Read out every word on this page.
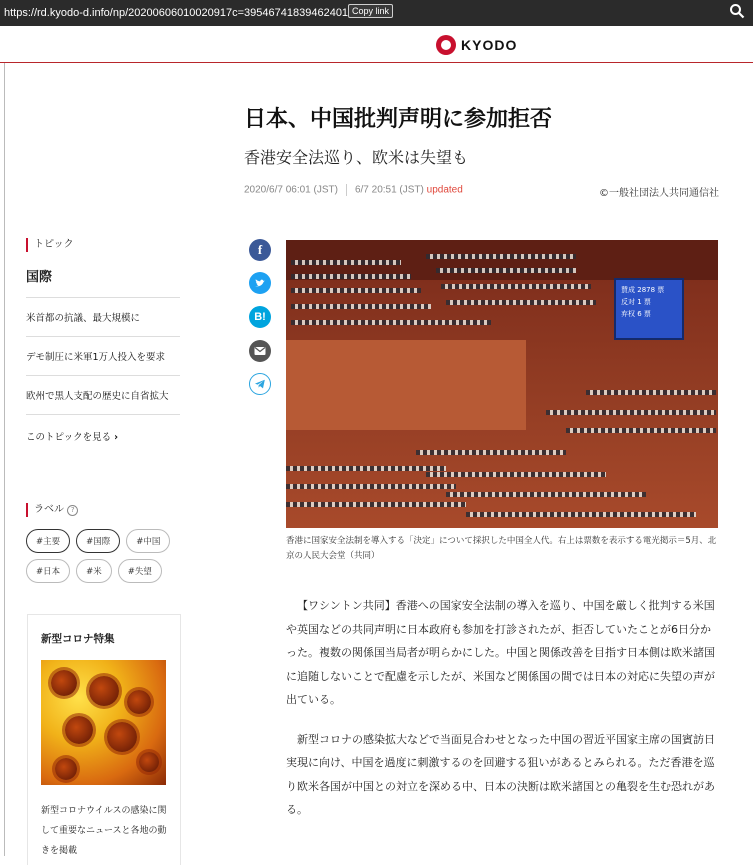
https://rd.kyodo-d.info/np/20200606010020917c=3954674183946240​1 Copy link
KYODO
日本、中国批判声明に参加拒否
香港安全法巡り、欧米は失望も
2020/6/7 06:01 (JST) 6/7 20:51 (JST) updated	©一般社団法人共同通信社
トピック
国際
米首都の抗議、最大規模に
デモ制圧に米軍1万人投入を要求
欧州で黒人支配の歴史に自省拡大
このトピックを見る ›
ラベル ?
#主要	#国際	#中国
#日本	#米	#失望
新型コロナ特集
新型コロナウイルスの感染に関して重要なニュースと各地の動きを掲載
f
B!
賛成 2878 票
反对 1 票
弃权 6 票
香港に国家安全法制を導入する「決定」について採択した中国全人代。右上は票数を表示する電光掲示＝5月、北京の人民大会堂（共同）

【ワシントン共同】香港への国家安全法制の導入を巡り、中国を厳しく批判する米国や英国などの共同声明に日本政府も参加を打診されたが、拒否していたことが6日分かった。複数の関係国当局者が明らかにした。中国と関係改善を目指す日本側は欧米諸国に追随しないことで配慮を示したが、米国など関係国の間では日本の対応に失望の声が出ている。

新型コロナの感染拡大などで当面見合わせとなった中国の習近平国家主席の国賓訪日実現に向け、中国を過度に刺激するのを回避する狙いがあるとみられる。ただ香港を巡り欧米各国が中国との対立を深める中、日本の決断は欧米諸国との亀裂を生む恐れがある。
